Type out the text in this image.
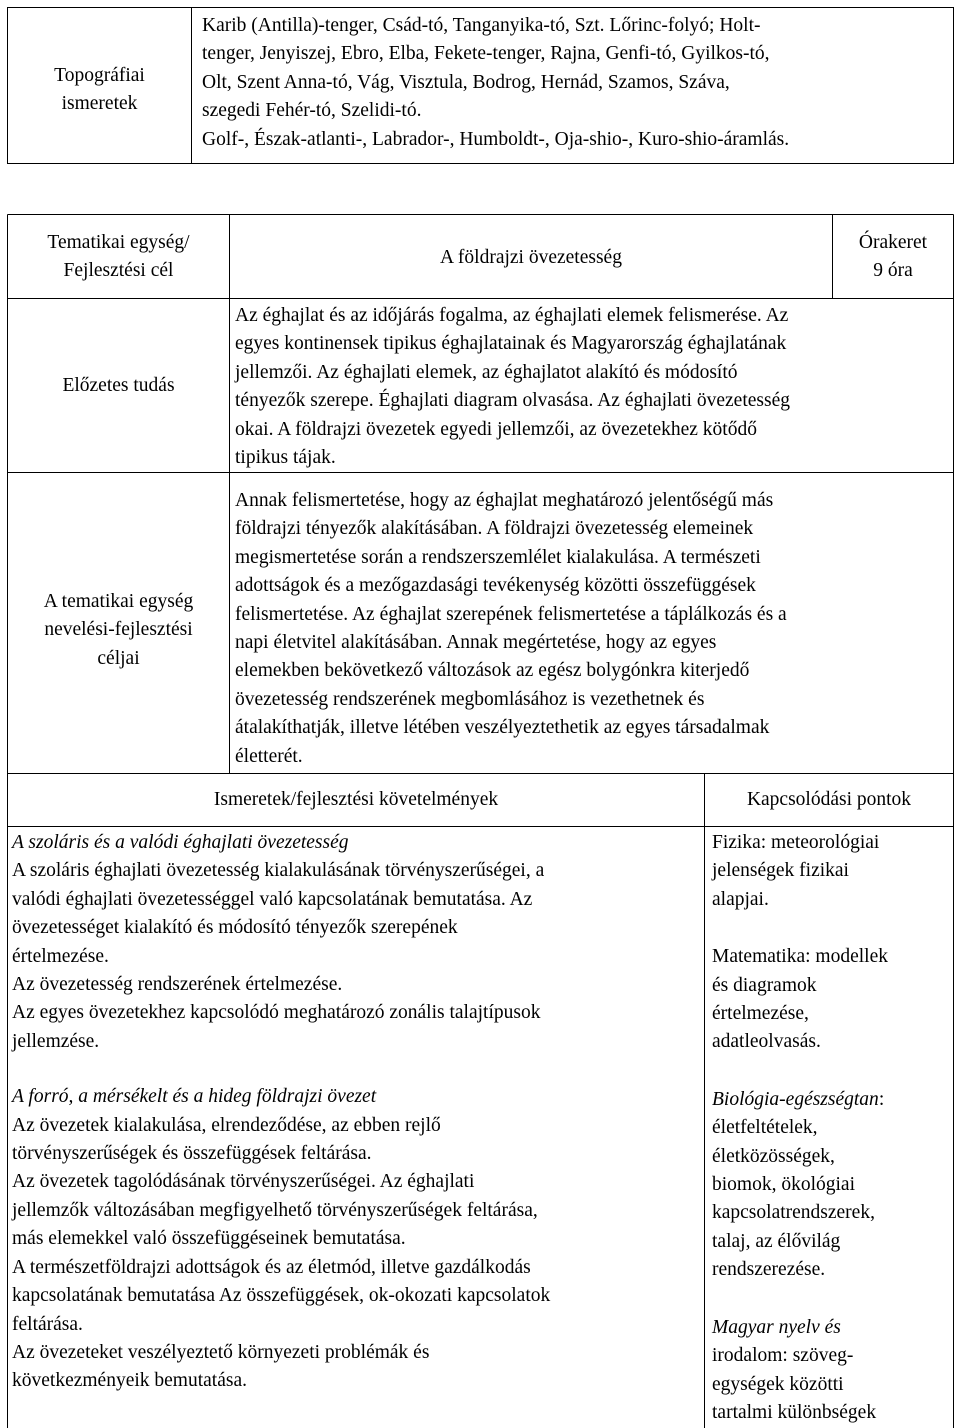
Topográfiai
ismeretek
Karib (Antilla)-tenger, Csád-tó, Tanganyika-tó, Szt. Lőrinc-folyó; Holt-
tenger, Jenyiszej, Ebro, Elba, Fekete-tenger, Rajna, Genfi-tó, Gyilkos-tó,
Olt, Szent Anna-tó, Vág, Visztula, Bodrog, Hernád, Szamos, Száva,
szegedi Fehér-tó, Szelidi-tó.
Golf-, Észak-atlanti-, Labrador-, Humboldt-, Oja-shio-, Kuro-shio-áramlás.
Tematikai egység/
Fejlesztési cél
A földrajzi övezetesség
Órakeret
9 óra
Előzetes tudás
Az éghajlat és az időjárás fogalma, az éghajlati elemek felismerése. Az
egyes kontinensek tipikus éghajlatainak és Magyarország éghajlatának
jellemzői. Az éghajlati elemek, az éghajlatot alakító és módosító
tényezők szerepe. Éghajlati diagram olvasása. Az éghajlati övezetesség
okai. A földrajzi övezetek egyedi jellemzői, az övezetekhez kötődő
tipikus tájak.
A tematikai egység
nevelési-fejlesztési
céljai
Annak felismertetése, hogy az éghajlat meghatározó jelentőségű más
földrajzi tényezők alakításában. A földrajzi övezetesség elemeinek
megismertetése során a rendszerszemlélet kialakulása. A természeti
adottságok és a mezőgazdasági tevékenység közötti összefüggések
felismertetése. Az éghajlat szerepének felismertetése a táplálkozás és a
napi életvitel alakításában. Annak megértetése, hogy az egyes
elemekben bekövetkező változások az egész bolygónkra kiterjedő
övezetesség rendszerének megbomlásához is vezethetnek és
átalakíthatják, illetve létében veszélyeztethetik az egyes társadalmak
életterét.
Ismeretek/fejlesztési követelmények	Kapcsolódási pontok
A szoláris és a valódi éghajlati övezetesség
A szoláris éghajlati övezetesség kialakulásának törvényszerűségei, a
valódi éghajlati övezetességgel való kapcsolatának bemutatása. Az
övezetességet kialakító és módosító tényezők szerepének
értelmezése.
Az övezetesség rendszerének értelmezése.
Az egyes övezetekhez kapcsolódó meghatározó zonális talajtípusok
jellemzése.
A forró, a mérsékelt és a hideg földrajzi övezet
Az övezetek kialakulása, elrendeződése, az ebben rejlő
törvényszerűségek és összefüggések feltárása.
Az övezetek tagolódásának törvényszerűségei. Az éghajlati
jellemzők változásában megfigyelhető törvényszerűségek feltárása,
más elemekkel való összefüggéseinek bemutatása.
A természetföldrajzi adottságok és az életmód, illetve gazdálkodás
kapcsolatának bemutatása Az összefüggések, ok-okozati kapcsolatok
feltárása.
Az övezeteket veszélyeztető környezeti problémák és
következményeik bemutatása.
Fizika: meteorológiai
jelenségek fizikai
alapjai.
Matematika: modellek
és diagramok
értelmezése,
adatleolvasás.
Biológia-egészségtan:
életfeltételek,
életközösségek,
biomok, ökológiai
kapcsolatrendszerek,
talaj, az élővilág
rendszerezése.
Magyar nyelv és
irodalom: szöveg-
egységek közötti
tartalmi különbségek
